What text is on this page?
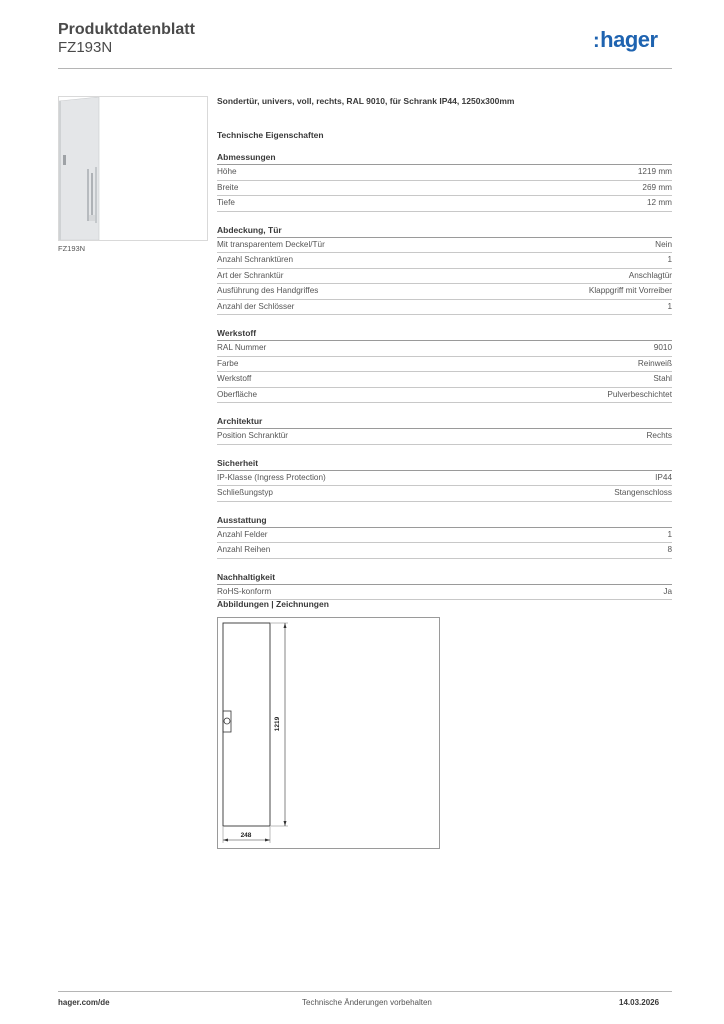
Produktdatenblatt
FZ193N	:hager
FZ193N
Sondertür, univers, voll, rechts, RAL 9010, für Schrank IP44, 1250x300mm
Technische Eigenschaften
Abmessungen
Höhe	1219 mm
Breite	269 mm
Tiefe	12 mm
Abdeckung, Tür
Mit transparentem Deckel/Tür	Nein
Anzahl Schranktüren	1
Art der Schranktür	Anschlagtür
Ausführung des Handgriffes	Klappgriff mit Vorreiber
Anzahl der Schlösser	1
Werkstoff
RAL Nummer	9010
Farbe	Reinweiß
Werkstoff	Stahl
Oberfläche	Pulverbeschichtet
Architektur
Position Schranktür	Rechts
Sicherheit
IP-Klasse (Ingress Protection)	IP44
Schließungstyp	Stangenschloss
Ausstattung
Anzahl Felder	1
Anzahl Reihen	8
Nachhaltigkeit
RoHS-konform	Ja
Abbildungen | Zeichnungen
1219
248
hager.com/de	Technische Änderungen vorbehalten	14.03.2026
